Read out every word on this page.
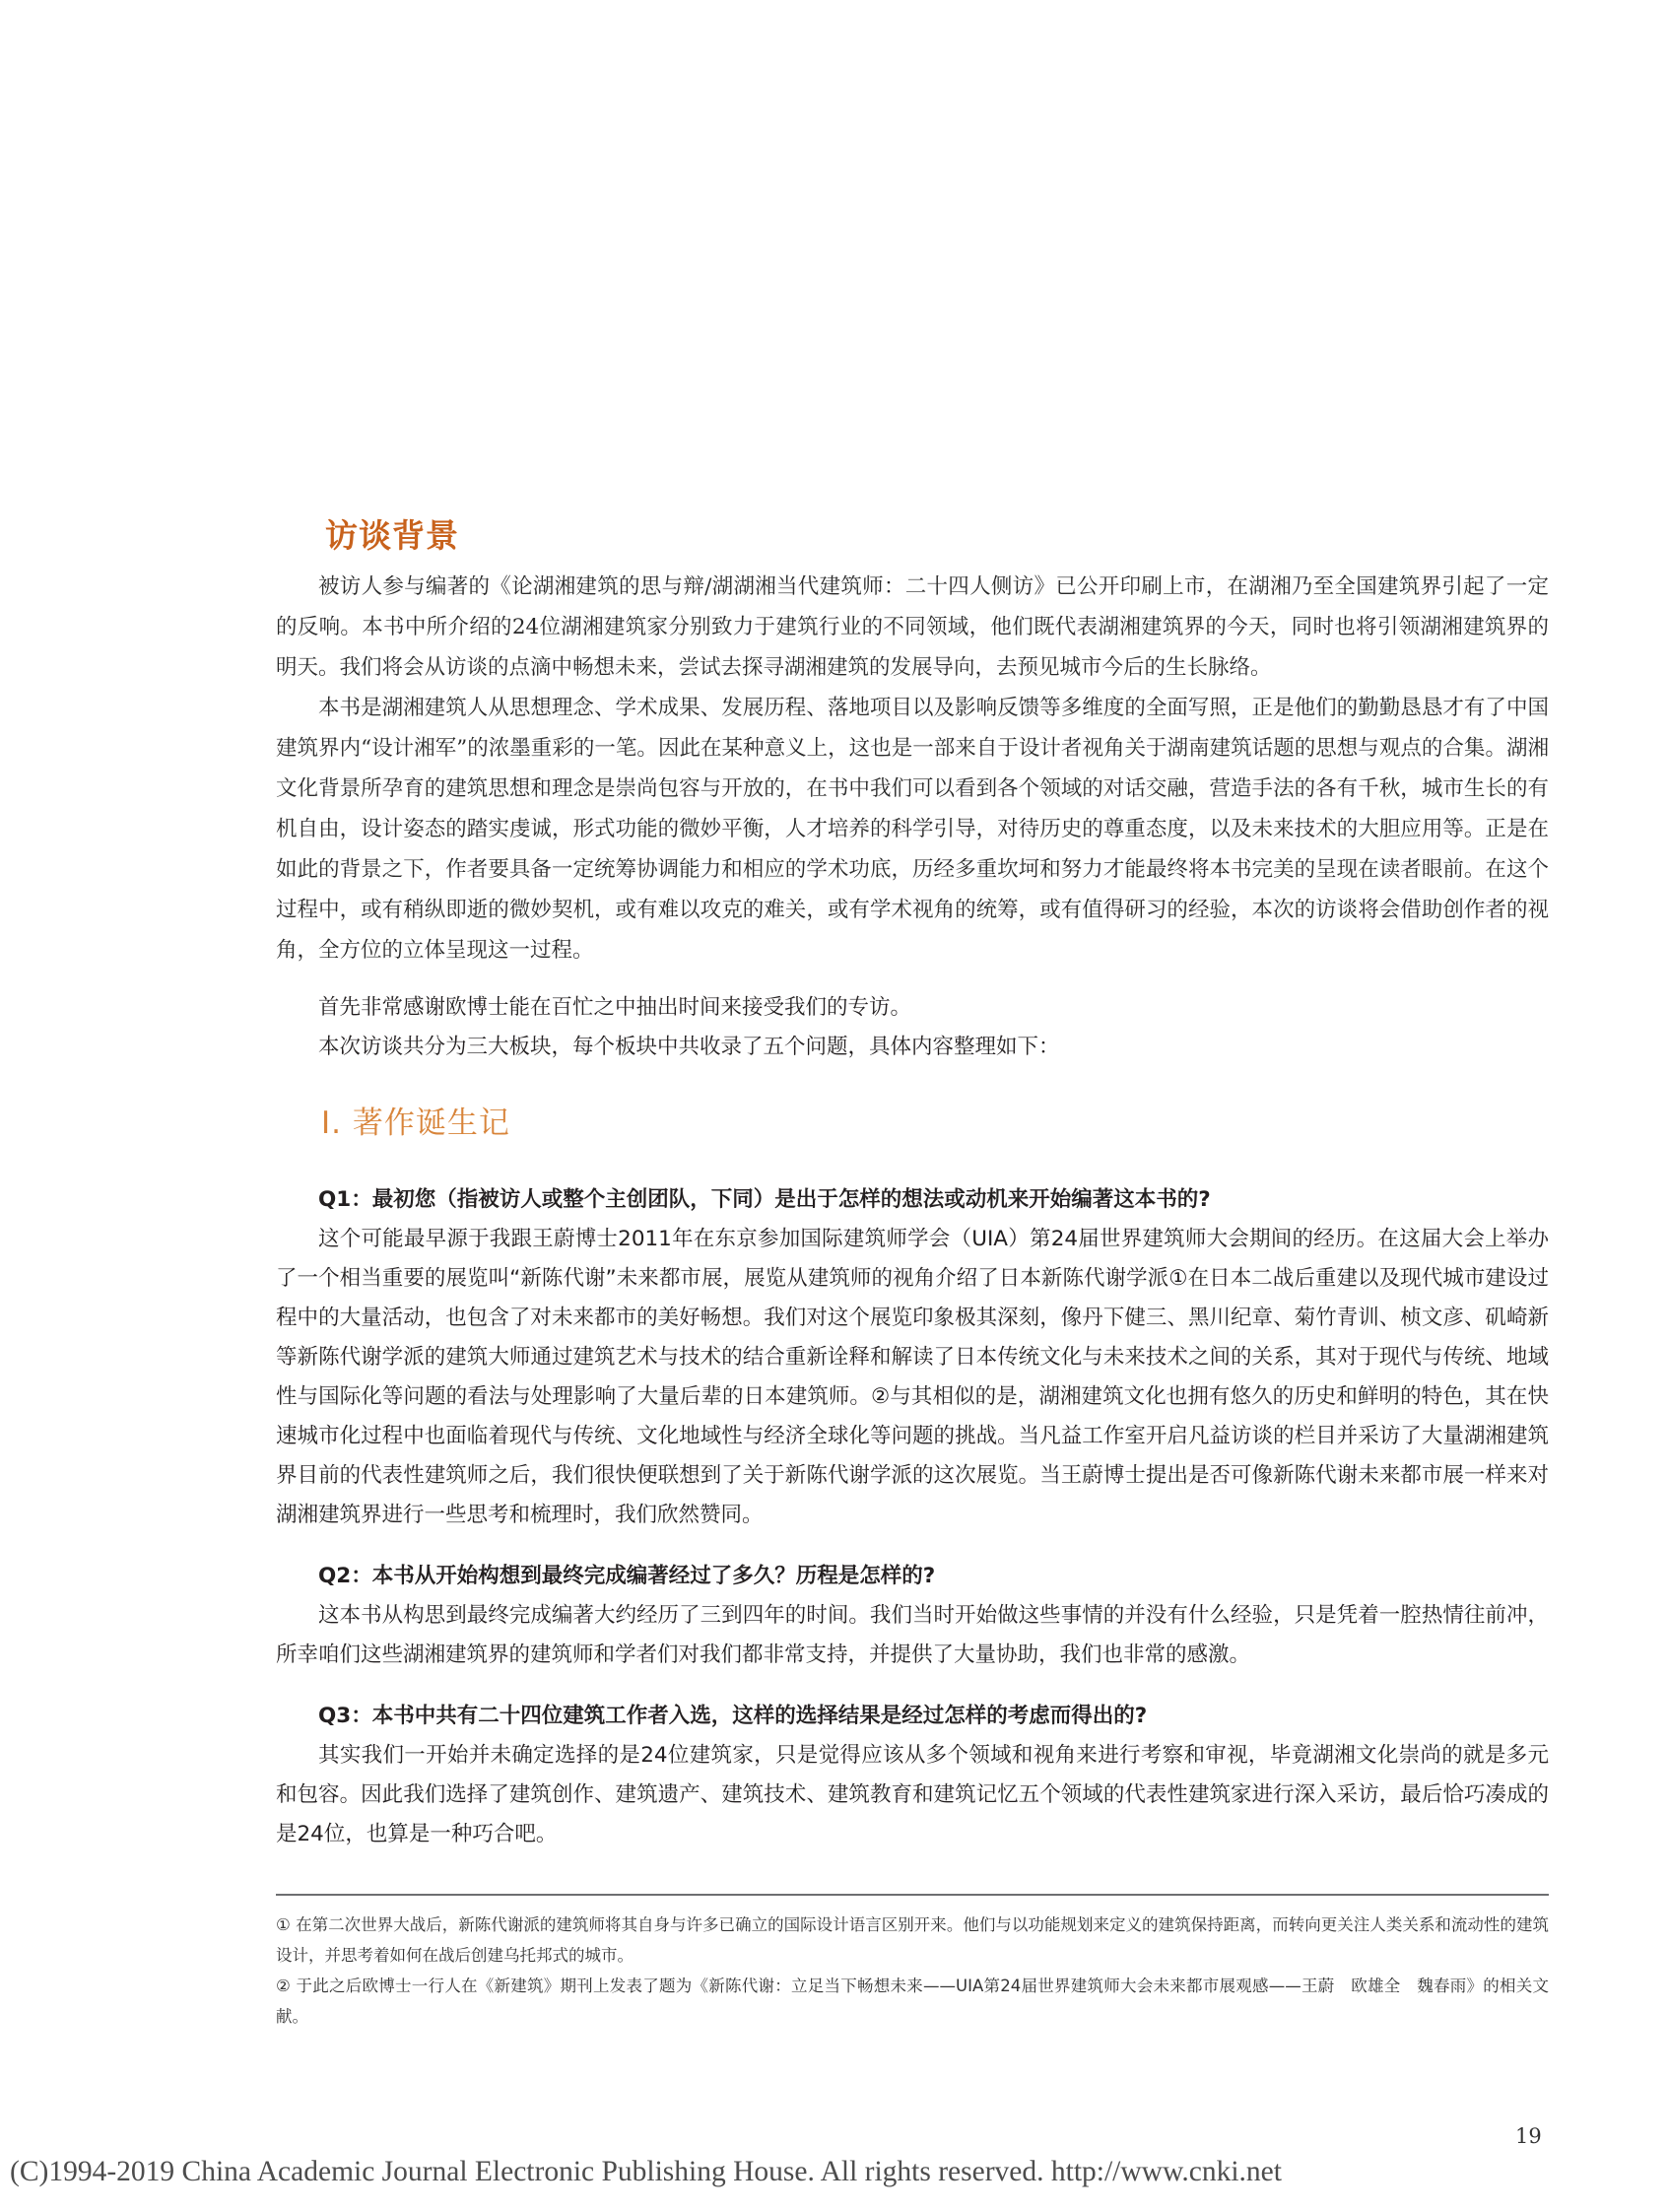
访谈背景

被访人参与编著的《论湖湘建筑的思与辩/湖湖湘当代建筑师：二十四人侧访》已公开印刷上市，在湖湘乃至全国建筑界引起了一定的反响。本书中所介绍的24位湖湘建筑家分别致力于建筑行业的不同领域，他们既代表湖湘建筑界的今天，同时也将引领湖湘建筑界的明天。我们将会从访谈的点滴中畅想未来，尝试去探寻湖湘建筑的发展导向，去预见城市今后的生长脉络。

本书是湖湘建筑人从思想理念、学术成果、发展历程、落地项目以及影响反馈等多维度的全面写照，正是他们的勤勤恳恳才有了中国建筑界内“设计湘军”的浓墨重彩的一笔。因此在某种意义上，这也是一部来自于设计者视角关于湖南建筑话题的思想与观点的合集。湖湘文化背景所孕育的建筑思想和理念是崇尚包容与开放的，在书中我们可以看到各个领域的对话交融，营造手法的各有千秋，城市生长的有机自由，设计姿态的踏实虔诚，形式功能的微妙平衡，人才培养的科学引导，对待历史的尊重态度，以及未来技术的大胆应用等。正是在如此的背景之下，作者要具备一定统筹协调能力和相应的学术功底，历经多重坎坷和努力才能最终将本书完美的呈现在读者眼前。在这个过程中，或有稍纵即逝的微妙契机，或有难以攻克的难关，或有学术视角的统筹，或有值得研习的经验，本次的访谈将会借助创作者的视角，全方位的立体呈现这一过程。

首先非常感谢欧博士能在百忙之中抽出时间来接受我们的专访。

本次访谈共分为三大板块，每个板块中共收录了五个问题，具体内容整理如下：

I. 著作诞生记

Q1：最初您（指被访人或整个主创团队，下同）是出于怎样的想法或动机来开始编著这本书的?

这个可能最早源于我跟王蔚博士2011年在东京参加国际建筑师学会（UIA）第24届世界建筑师大会期间的经历。在这届大会上举办了一个相当重要的展览叫“新陈代谢”未来都市展，展览从建筑师的视角介绍了日本新陈代谢学派①在日本二战后重建以及现代城市建设过程中的大量活动，也包含了对未来都市的美好畅想。我们对这个展览印象极其深刻，像丹下健三、黑川纪章、菊竹青训、桢文彦、矶崎新等新陈代谢学派的建筑大师通过建筑艺术与技术的结合重新诠释和解读了日本传统文化与未来技术之间的关系，其对于现代与传统、地域性与国际化等问题的看法与处理影响了大量后辈的日本建筑师。②与其相似的是，湖湘建筑文化也拥有悠久的历史和鲜明的特色，其在快速城市化过程中也面临着现代与传统、文化地域性与经济全球化等问题的挑战。当凡益工作室开启凡益访谈的栏目并采访了大量湖湘建筑界目前的代表性建筑师之后，我们很快便联想到了关于新陈代谢学派的这次展览。当王蔚博士提出是否可像新陈代谢未来都市展一样来对湖湘建筑界进行一些思考和梳理时，我们欣然赞同。

Q2：本书从开始构想到最终完成编著经过了多久？历程是怎样的?

这本书从构思到最终完成编著大约经历了三到四年的时间。我们当时开始做这些事情的并没有什么经验，只是凭着一腔热情往前冲，所幸咱们这些湖湘建筑界的建筑师和学者们对我们都非常支持，并提供了大量协助，我们也非常的感激。

Q3：本书中共有二十四位建筑工作者入选，这样的选择结果是经过怎样的考虑而得出的?

其实我们一开始并未确定选择的是24位建筑家，只是觉得应该从多个领域和视角来进行考察和审视，毕竟湖湘文化崇尚的就是多元和包容。因此我们选择了建筑创作、建筑遗产、建筑技术、建筑教育和建筑记忆五个领域的代表性建筑家进行深入采访，最后恰巧凑成的是24位，也算是一种巧合吧。

① 在第二次世界大战后，新陈代谢派的建筑师将其自身与许多已确立的国际设计语言区别开来。他们与以功能规划来定义的建筑保持距离，而转向更关注人类关系和流动性的建筑设计，并思考着如何在战后创建乌托邦式的城市。

② 于此之后欧博士一行人在《新建筑》期刊上发表了题为《新陈代谢：立足当下畅想未来——UIA第24届世界建筑师大会未来都市展观感——王蔚　欧雄全　魏春雨》的相关文献。

19
(C)1994-2019 China Academic Journal Electronic Publishing House. All rights reserved. http://www.cnki.net
